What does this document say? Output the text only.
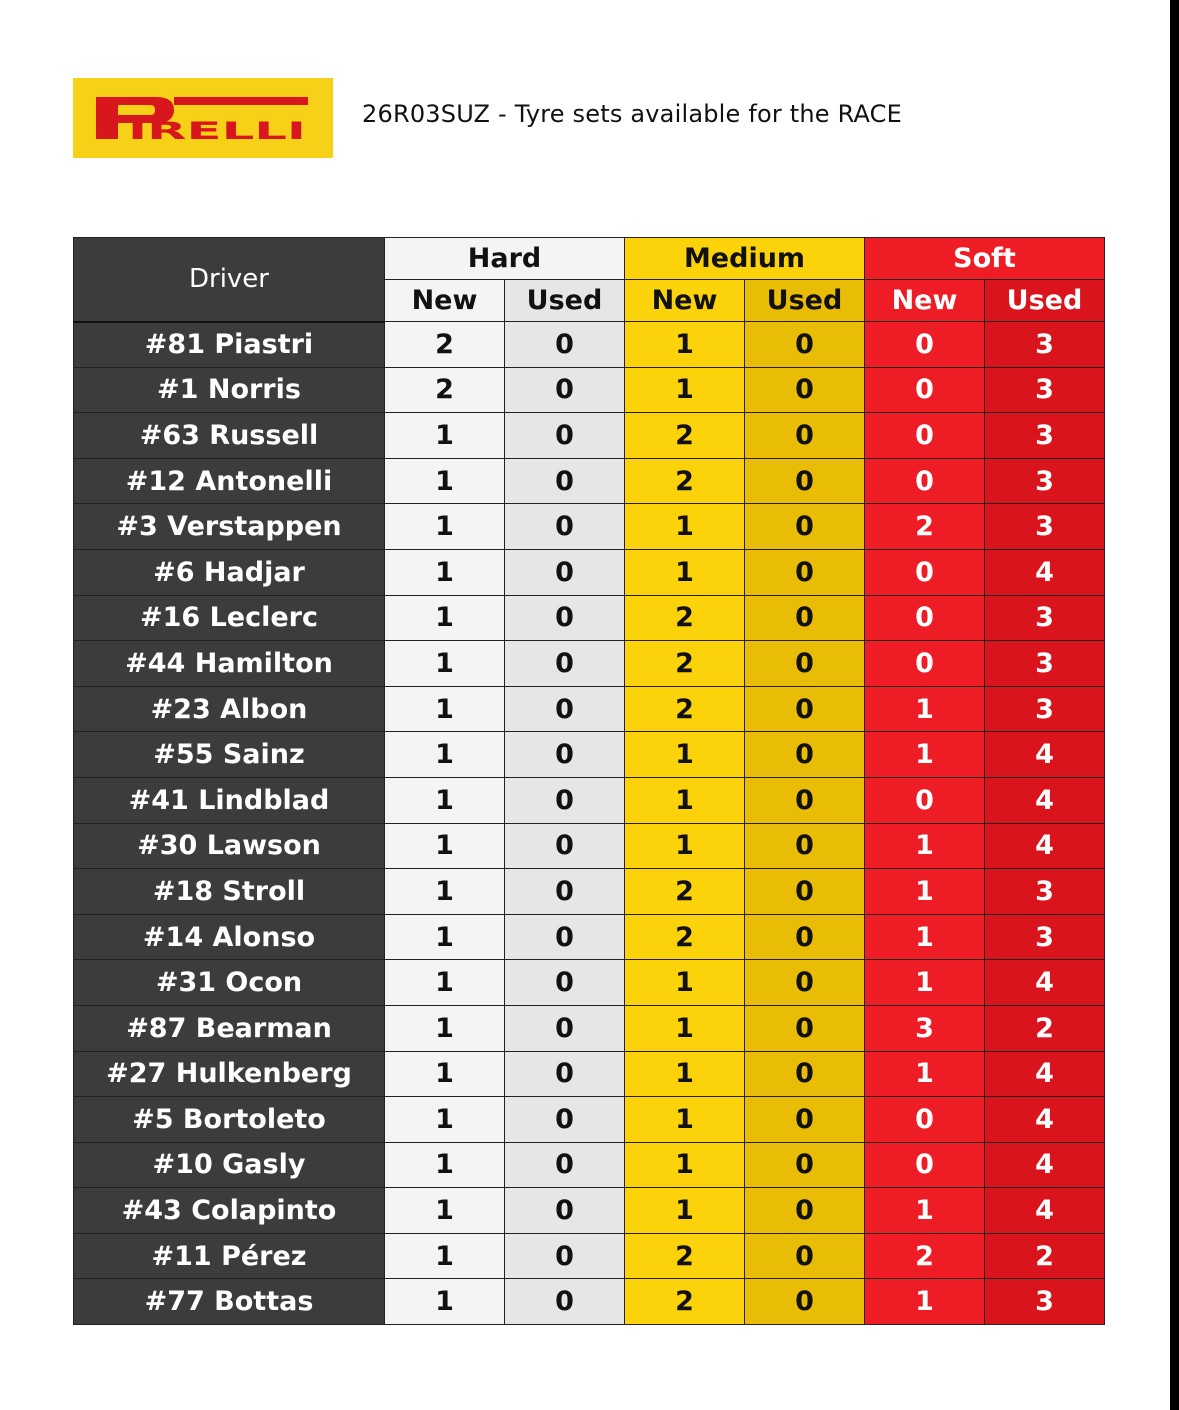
IRELLI
26R03SUZ - Tyre sets available for the RACE
Driver	Hard		Medium		Soft	
	New	Used	New	Used	New	Used
#81 Piastri	2	0	1	0	0	3
#1 Norris	2	0	1	0	0	3
#63 Russell	1	0	2	0	0	3
#12 Antonelli	1	0	2	0	0	3
#3 Verstappen	1	0	1	0	2	3
#6 Hadjar	1	0	1	0	0	4
#16 Leclerc	1	0	2	0	0	3
#44 Hamilton	1	0	2	0	0	3
#23 Albon	1	0	2	0	1	3
#55 Sainz	1	0	1	0	1	4
#41 Lindblad	1	0	1	0	0	4
#30 Lawson	1	0	1	0	1	4
#18 Stroll	1	0	2	0	1	3
#14 Alonso	1	0	2	0	1	3
#31 Ocon	1	0	1	0	1	4
#87 Bearman	1	0	1	0	3	2
#27 Hulkenberg	1	0	1	0	1	4
#5 Bortoleto	1	0	1	0	0	4
#10 Gasly	1	0	1	0	0	4
#43 Colapinto	1	0	1	0	1	4
#11 Pérez	1	0	2	0	2	2
#77 Bottas	1	0	2	0	1	3
